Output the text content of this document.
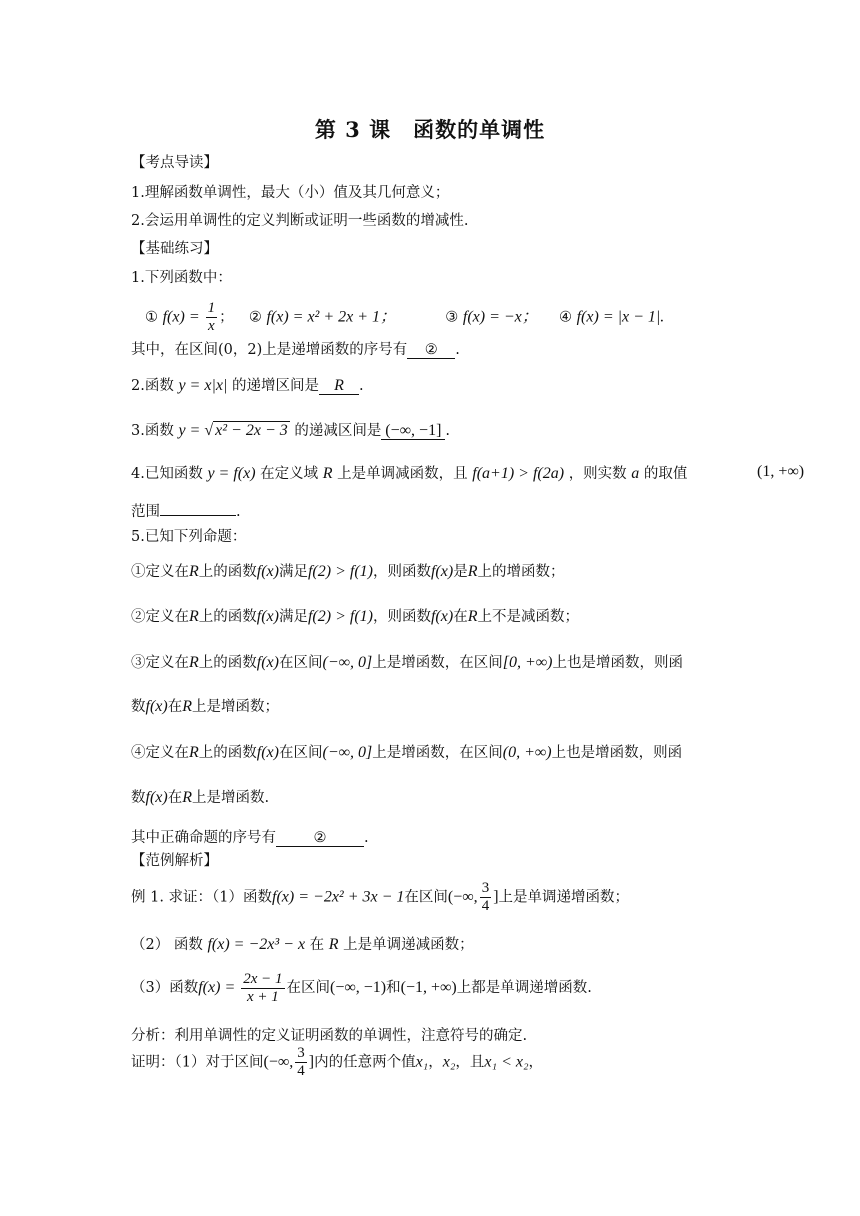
第 3 课 函数的单调性
【考点导读】
1.理解函数单调性，最大（小）值及其几何意义；
2.会运用单调性的定义判断或证明一些函数的增减性.
【基础练习】
1.下列函数中：
① $f(x) = \frac{1}{x}$ ； ② f(x) = x² + 2x + 1；	③ f(x) = −x； ④ f(x) = |x − 1|.
其中，在区间(0，2)上是递增函数的序号有 ② .
2.函数 y = x|x| 的递增区间是 R .
3.函数 y = √ x² − 2x − 3 的递减区间是 (−∞, −1] .
4.已知函数 y = f(x) 在定义域 R 上是单调减函数，且 f(a+1) > f(2a) ，则实数 a 的取值	(1, +∞)
范围	.
5.已知下列命题：
①定义在R上的函数f(x)满足f(2) > f(1)，则函数f(x)是R上的增函数；
②定义在R上的函数f(x)满足f(2) > f(1)，则函数f(x)在R上不是减函数；
③定义在R上的函数f(x)在区间(−∞, 0]上是增函数，在区间[0, +∞)上也是增函数，则函
数f(x)在R上是增函数；
④定义在R上的函数f(x)在区间(−∞, 0]上是增函数，在区间(0, +∞)上也是增函数，则函
数f(x)在R上是增函数.
其中正确命题的序号有	②	.
【范例解析】
例 1. 求证：（1）函数f(x) = −2x² + 3x − 1在区间(−∞, $\frac{3}{4}$ ]上是单调递增函数；
（2） 函数 f(x) = −2x³ − x 在 R 上是单调递减函数；
（3）函数$f(x) = \frac{2x - 1}{x + 1}$ 在区间(−∞, −1)和(−1, +∞)上都是单调递增函数.
分析：利用单调性的定义证明函数的单调性，注意符号的确定.
证明：（1）对于区间(−∞, $\frac{3}{4}$ ]内的任意两个值x₁，x₂，且x₁ < x₂，
